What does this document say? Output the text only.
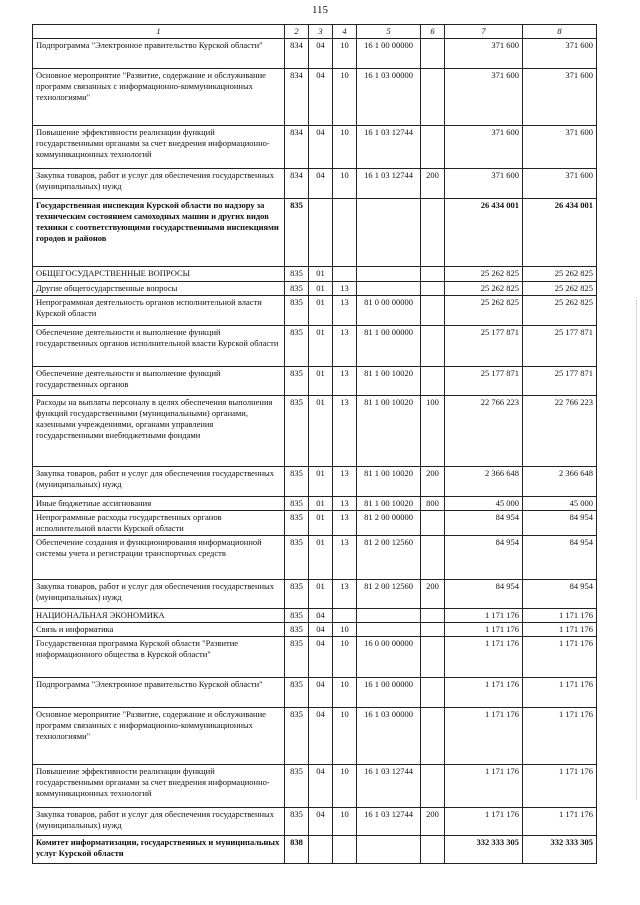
115
1	2	3	4	5	6	7	8
Подпрограмма "Электронное правительство Курской области"	834	04	10	16 1 00 00000		371 600	371 600
Основное мероприятие "Развитие, содержание и обслуживание программ связанных с информационно-коммуникационных технологиями"	834	04	10	16 1 03 00000		371 600	371 600
Повышение эффективности реализации функций государственными органами за счет внедрения информационно-коммуникационных технологий	834	04	10	16 1 03 12744		371 600	371 600
Закупка товаров, работ и услуг для обеспечения государственных (муниципальных) нужд	834	04	10	16 1 03 12744	200	371 600	371 600
Государственная инспекция Курской области по надзору за техническим состоянием самоходных машин и других видов техники с соответствующими государственными инспекциями городов и районов	835					26 434 001	26 434 001
ОБЩЕГОСУДАРСТВЕННЫЕ ВОПРОСЫ	835	01				25 262 825	25 262 825
Другие общегосударственные вопросы	835	01	13			25 262 825	25 262 825
Непрограммная деятельность органов исполнительной власти Курской области	835	01	13	81 0 00 00000		25 262 825	25 262 825
Обеспечение деятельности и выполнение функций государственных органов исполнительной власти Курской области	835	01	13	81 1 00 00000		25 177 871	25 177 871
Обеспечение деятельности и выполнение функций государственных органов	835	01	13	81 1 00 10020		25 177 871	25 177 871
Расходы на выплаты персоналу в целях обеспечения выполнения функций государственными (муниципальными) органами, казенными учреждениями, органами управления государственными внебюджетными фондами	835	01	13	81 1 00 10020	100	22 766 223	22 766 223
Закупка товаров, работ и услуг для обеспечения государственных (муниципальных) нужд	835	01	13	81 1 00 10020	200	2 366 648	2 366 648
Иные бюджетные ассигнования	835	01	13	81 1 00 10020	800	45 000	45 000
Непрограммные расходы государственных органов исполнительной власти Курской области	835	01	13	81 2 00 00000		84 954	84 954
Обеспечение создания и функционирования информационной системы учета и регистрации транспортных средств	835	01	13	81 2 00 12560		84 954	84 954
Закупка товаров, работ и услуг для обеспечения государственных (муниципальных) нужд	835	01	13	81 2 00 12560	200	84 954	84 954
НАЦИОНАЛЬНАЯ ЭКОНОМИКА	835	04				1 171 176	1 171 176
Связь и информатика	835	04	10			1 171 176	1 171 176
Государственная программа Курской области "Развитие информационного общества в Курской области"	835	04	10	16 0 00 00000		1 171 176	1 171 176
Подпрограмма "Электронное правительство Курской области"	835	04	10	16 1 00 00000		1 171 176	1 171 176
Основное мероприятие "Развитие, содержание и обслуживание программ связанных с информационно-коммуникационных технологиями"	835	04	10	16 1 03 00000		1 171 176	1 171 176
Повышение эффективности реализации функций государственными органами за счет внедрения информационно-коммуникационных технологий	835	04	10	16 1 03 12744		1 171 176	1 171 176
Закупка товаров, работ и услуг для обеспечения государственных (муниципальных) нужд	835	04	10	16 1 03 12744	200	1 171 176	1 171 176
Комитет информатизации, государственных и муниципальных услуг Курской области	838					332 333 305	332 333 305
